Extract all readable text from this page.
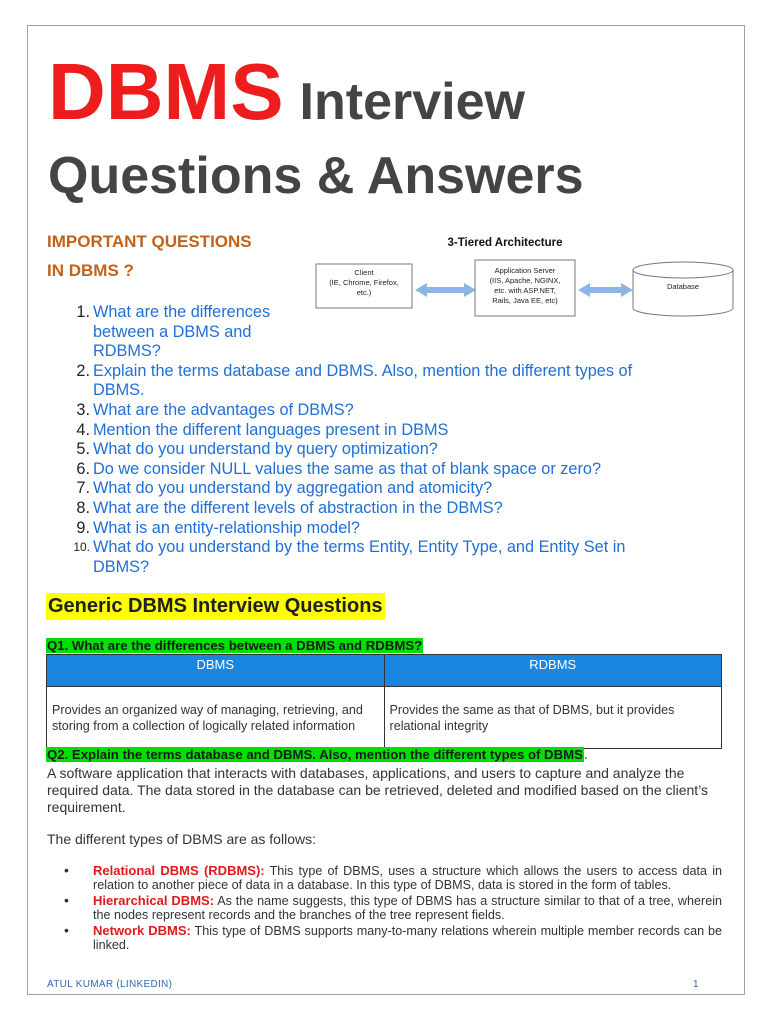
DBMS Interview
Questions & Answers
IMPORTANT QUESTIONS
IN DBMS ?
3-Tiered Architecture
Client
(IE, Chrome, Firefox,
etc.)
Application Server
(IIS, Apache, NGINX,
etc. with ASP.NET,
Rails, Java EE, etc)
Database
1. What are the differences
between a DBMS and
RDBMS?
2. Explain the terms database and DBMS. Also, mention the different types of
DBMS.
3. What are the advantages of DBMS?
4. Mention the different languages present in DBMS
5. What do you understand by query optimization?
6. Do we consider NULL values the same as that of blank space or zero?
7. What do you understand by aggregation and atomicity?
8. What are the different levels of abstraction in the DBMS?
9. What is an entity-relationship model?
10. What do you understand by the terms Entity, Entity Type, and Entity Set in
DBMS?
Generic DBMS Interview Questions
Q1. What are the differences between a DBMS and RDBMS?
DBMS	RDBMS
Provides an organized way of managing, retrieving, and storing from a collection of logically related information	Provides the same as that of DBMS, but it provides relational integrity
Q2. Explain the terms database and DBMS. Also, mention the different types of DBMS.
A software application that interacts with databases, applications, and users to capture and analyze the required data. The data stored in the database can be retrieved, deleted and modified based on the client’s requirement.
The different types of DBMS are as follows:
• Relational DBMS (RDBMS): This type of DBMS, uses a structure which allows the users to access data in relation to another piece of data in a database. In this type of DBMS, data is stored in the form of tables.
• Hierarchical DBMS: As the name suggests, this type of DBMS has a structure similar to that of a tree, wherein the nodes represent records and the branches of the tree represent fields.
• Network DBMS: This type of DBMS supports many-to-many relations wherein multiple member records can be linked.
ATUL KUMAR (LINKEDIN)	1
